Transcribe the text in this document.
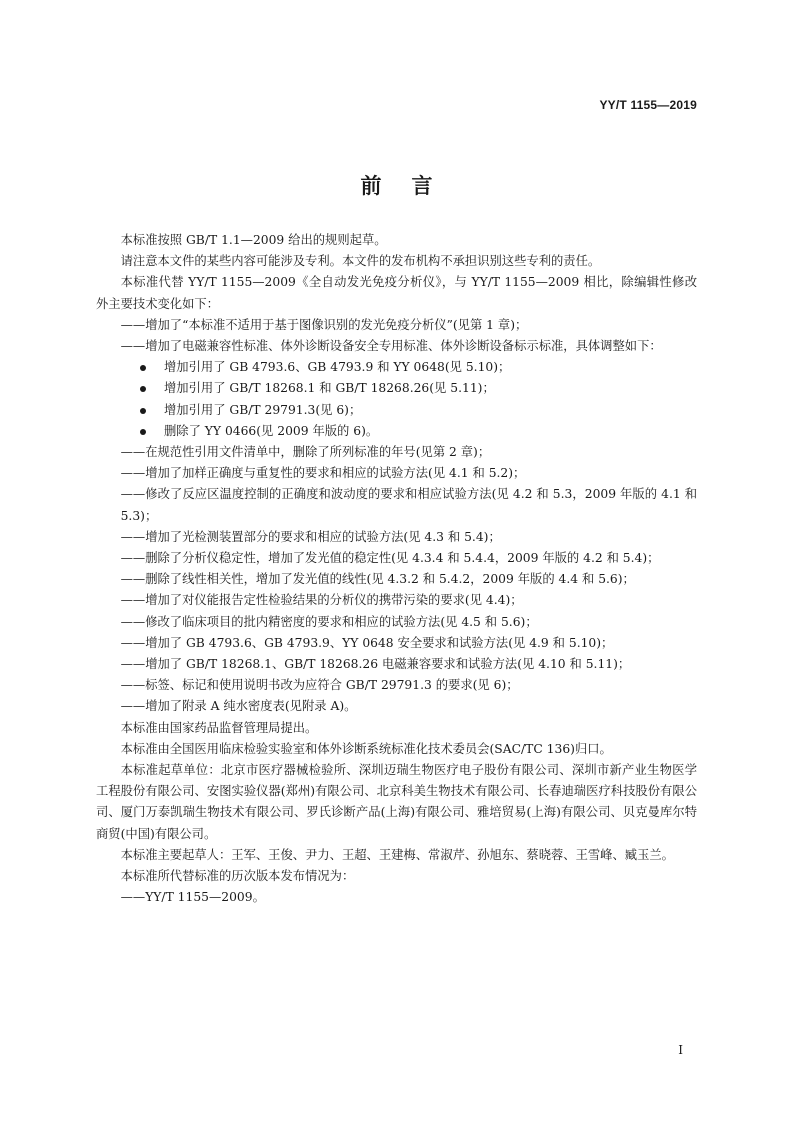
YY/T 1155—2019
前言

本标准按照 GB/T 1.1—2009 给出的规则起草。

请注意本文件的某些内容可能涉及专利。本文件的发布机构不承担识别这些专利的责任。

本标准代替 YY/T 1155—2009《全自动发光免疫分析仪》，与 YY/T 1155—2009 相比，除编辑性修改外主要技术变化如下：

——增加了“本标准不适用于基于图像识别的发光免疫分析仪”(见第 1 章)；

——增加了电磁兼容性标准、体外诊断设备安全专用标准、体外诊断设备标示标准，具体调整如下：

增加引用了 GB 4793.6、GB 4793.9 和 YY 0648(见 5.10)；
增加引用了 GB/T 18268.1 和 GB/T 18268.26(见 5.11)；
增加引用了 GB/T 29791.3(见 6)；
删除了 YY 0466(见 2009 年版的 6)。

——在规范性引用文件清单中，删除了所列标准的年号(见第 2 章)；

——增加了加样正确度与重复性的要求和相应的试验方法(见 4.1 和 5.2)；

——修改了反应区温度控制的正确度和波动度的要求和相应试验方法(见 4.2 和 5.3，2009 年版的 4.1 和 5.3)；

——增加了光检测装置部分的要求和相应的试验方法(见 4.3 和 5.4)；

——删除了分析仪稳定性，增加了发光值的稳定性(见 4.3.4 和 5.4.4，2009 年版的 4.2 和 5.4)；

——删除了线性相关性，增加了发光值的线性(见 4.3.2 和 5.4.2，2009 年版的 4.4 和 5.6)；

——增加了对仪能报告定性检验结果的分析仪的携带污染的要求(见 4.4)；

——修改了临床项目的批内精密度的要求和相应的试验方法(见 4.5 和 5.6)；

——增加了 GB 4793.6、GB 4793.9、YY 0648 安全要求和试验方法(见 4.9 和 5.10)；

——增加了 GB/T 18268.1、GB/T 18268.26 电磁兼容要求和试验方法(见 4.10 和 5.11)；

——标签、标记和使用说明书改为应符合 GB/T 29791.3 的要求(见 6)；

——增加了附录 A 纯水密度表(见附录 A)。

本标准由国家药品监督管理局提出。

本标准由全国医用临床检验实验室和体外诊断系统标准化技术委员会(SAC/TC 136)归口。

本标准起草单位：北京市医疗器械检验所、深圳迈瑞生物医疗电子股份有限公司、深圳市新产业生物医学工程股份有限公司、安图实验仪器(郑州)有限公司、北京科美生物技术有限公司、长春迪瑞医疗科技股份有限公司、厦门万泰凯瑞生物技术有限公司、罗氏诊断产品(上海)有限公司、雅培贸易(上海)有限公司、贝克曼库尔特商贸(中国)有限公司。

本标准主要起草人：王军、王俊、尹力、王超、王建梅、常淑芹、孙旭东、蔡晓蓉、王雪峰、臧玉兰。

本标准所代替标准的历次版本发布情况为：

——YY/T 1155—2009。

I
